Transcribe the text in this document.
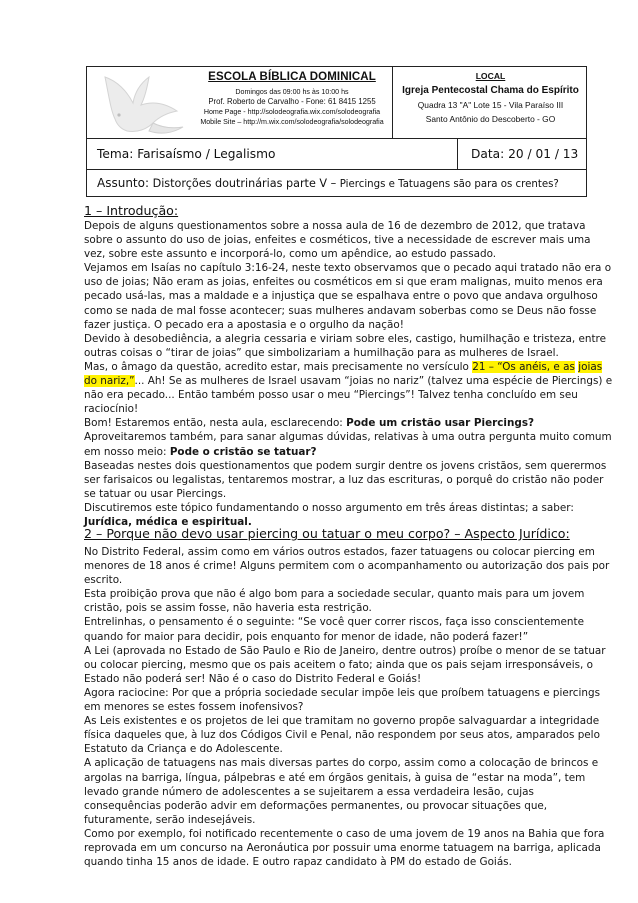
ESCOLA BÍBLICA DOMINICAL
Domingos das 09:00 hs às 10:00 hs
Prof. Roberto de Carvalho - Fone: 61 8415 1255
Home Page - http://solodeografia.wix.com/solodeografia
Mobile Site – http://m.wix.com/solodeografia/solodeografia
LOCAL
Igreja Pentecostal Chama do Espírito
Quadra 13 "A" Lote 15 - Vila Paraíso III
Santo Antônio do Descoberto - GO
Tema: Farisaísmo / Legalismo	Data: 20 / 01 / 13
Assunto: Distorções doutrinárias parte V – Piercings e Tatuagens são para os crentes?
1 – Introdução:

Depois de alguns questionamentos sobre a nossa aula de 16 de dezembro de 2012, que tratava sobre o assunto do uso de joias, enfeites e cosméticos, tive a necessidade de escrever mais uma vez, sobre este assunto e incorporá-lo, como um apêndice, ao estudo passado.

Vejamos em Isaías no capítulo 3:16-24, neste texto observamos que o pecado aqui tratado não era o uso de joias; Não eram as joias, enfeites ou cosméticos em si que eram malignas, muito menos era pecado usá-las, mas a maldade e a injustiça que se espalhava entre o povo que andava orgulhoso como se nada de mal fosse acontecer; suas mulheres andavam soberbas como se Deus não fosse fazer justiça. O pecado era a apostasia e o orgulho da nação!

Devido à desobediência, a alegria cessaria e viriam sobre eles, castigo, humilhação e tristeza, entre outras coisas o “tirar de joias” que simbolizariam a humilhação para as mulheres de Israel.

Mas, o âmago da questão, acredito estar, mais precisamente no versículo 21 – “Os anéis, e as joias do nariz,”... Ah! Se as mulheres de Israel usavam “joias no nariz” (talvez uma espécie de Piercings) e não era pecado... Então também posso usar o meu “Piercings”! Talvez tenha concluído em seu raciocínio!

Bom! Estaremos então, nesta aula, esclarecendo: Pode um cristão usar Piercings?

Aproveitaremos também, para sanar algumas dúvidas, relativas à uma outra pergunta muito comum em nosso meio: Pode o cristão se tatuar?

Baseadas nestes dois questionamentos que podem surgir dentre os jovens cristãos, sem querermos ser farisaicos ou legalistas, tentaremos mostrar, a luz das escrituras, o porquê do cristão não poder se tatuar ou usar Piercings.

Discutiremos este tópico fundamentando o nosso argumento em três áreas distintas; a saber: Jurídica, médica e espiritual.

2 – Porque não devo usar piercing ou tatuar o meu corpo? – Aspecto Jurídico:

No Distrito Federal, assim como em vários outros estados, fazer tatuagens ou colocar piercing em menores de 18 anos é crime! Alguns permitem com o acompanhamento ou autorização dos pais por escrito.

Esta proibição prova que não é algo bom para a sociedade secular, quanto mais para um jovem cristão, pois se assim fosse, não haveria esta restrição.

Entrelinhas, o pensamento é o seguinte: “Se você quer correr riscos, faça isso conscientemente quando for maior para decidir, pois enquanto for menor de idade, não poderá fazer!”

A Lei (aprovada no Estado de São Paulo e Rio de Janeiro, dentre outros) proíbe o menor de se tatuar ou colocar piercing, mesmo que os pais aceitem o fato; ainda que os pais sejam irresponsáveis, o Estado não poderá ser! Não é o caso do Distrito Federal e Goiás!

Agora raciocine: Por que a própria sociedade secular impõe leis que proíbem tatuagens e piercings em menores se estes fossem inofensivos?

As Leis existentes e os projetos de lei que tramitam no governo propõe salvaguardar a integridade física daqueles que, à luz dos Códigos Civil e Penal, não respondem por seus atos, amparados pelo Estatuto da Criança e do Adolescente.

A aplicação de tatuagens nas mais diversas partes do corpo, assim como a colocação de brincos e argolas na barriga, língua, pálpebras e até em órgãos genitais, à guisa de “estar na moda”, tem levado grande número de adolescentes a se sujeitarem a essa verdadeira lesão, cujas consequências poderão advir em deformações permanentes, ou provocar situações que, futuramente, serão indesejáveis.

Como por exemplo, foi notificado recentemente o caso de uma jovem de 19 anos na Bahia que fora reprovada em um concurso na Aeronáutica por possuir uma enorme tatuagem na barriga, aplicada quando tinha 15 anos de idade. E outro rapaz candidato à PM do estado de Goiás.
